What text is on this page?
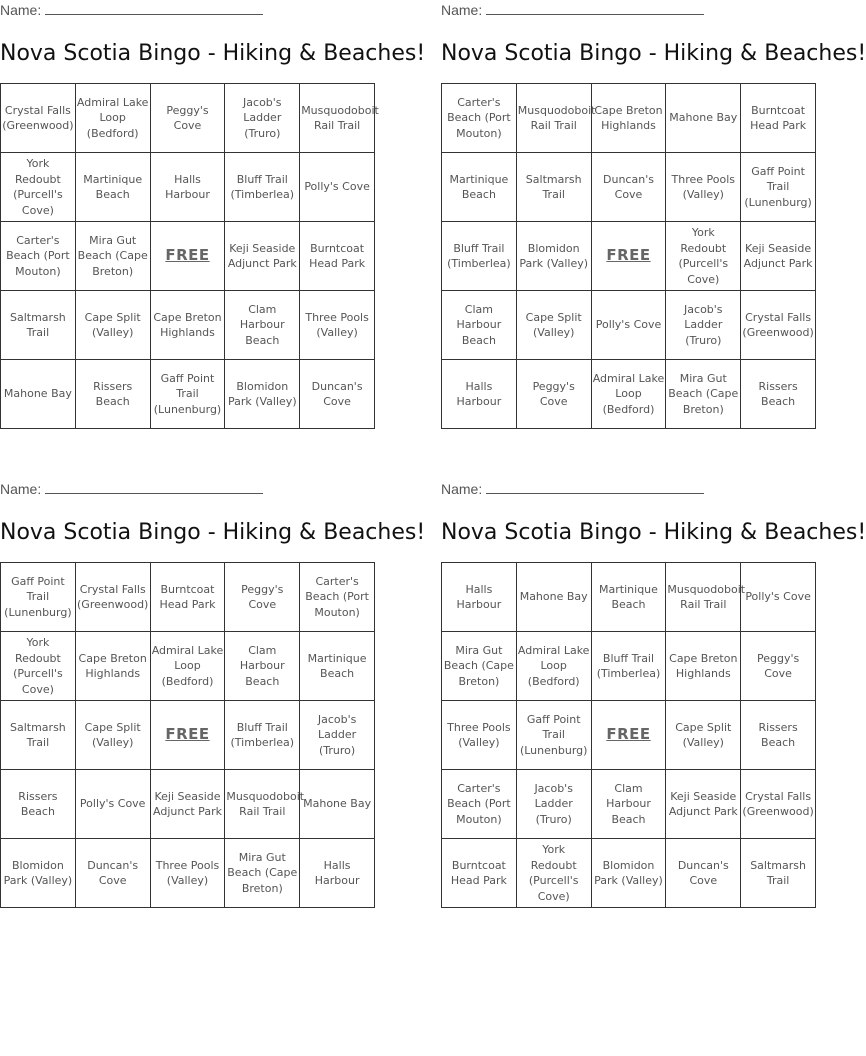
Name:
Nova Scotia Bingo - Hiking & Beaches!
Crystal Falls (Greenwood)	Admiral Lake Loop (Bedford)	Peggy's Cove	Jacob's Ladder (Truro)	Musquodoboit Rail Trail
York Redoubt (Purcell's Cove)	Martinique Beach	Halls Harbour	Bluff Trail (Timberlea)	Polly's Cove
Carter's Beach (Port Mouton)	Mira Gut Beach (Cape Breton)	FREE	Keji Seaside Adjunct Park	Burntcoat Head Park
Saltmarsh Trail	Cape Split (Valley)	Cape Breton Highlands	Clam Harbour Beach	Three Pools (Valley)
Mahone Bay	Rissers Beach	Gaff Point Trail (Lunenburg)	Blomidon Park (Valley)	Duncan's Cove
Name:
Nova Scotia Bingo - Hiking & Beaches!
Carter's Beach (Port Mouton)	Musquodoboit Rail Trail	Cape Breton Highlands	Mahone Bay	Burntcoat Head Park
Martinique Beach	Saltmarsh Trail	Duncan's Cove	Three Pools (Valley)	Gaff Point Trail (Lunenburg)
Bluff Trail (Timberlea)	Blomidon Park (Valley)	FREE	York Redoubt (Purcell's Cove)	Keji Seaside Adjunct Park
Clam Harbour Beach	Cape Split (Valley)	Polly's Cove	Jacob's Ladder (Truro)	Crystal Falls (Greenwood)
Halls Harbour	Peggy's Cove	Admiral Lake Loop (Bedford)	Mira Gut Beach (Cape Breton)	Rissers Beach
Name:
Nova Scotia Bingo - Hiking & Beaches!
Gaff Point Trail (Lunenburg)	Crystal Falls (Greenwood)	Burntcoat Head Park	Peggy's Cove	Carter's Beach (Port Mouton)
York Redoubt (Purcell's Cove)	Cape Breton Highlands	Admiral Lake Loop (Bedford)	Clam Harbour Beach	Martinique Beach
Saltmarsh Trail	Cape Split (Valley)	FREE	Bluff Trail (Timberlea)	Jacob's Ladder (Truro)
Rissers Beach	Polly's Cove	Keji Seaside Adjunct Park	Musquodoboit Rail Trail	Mahone Bay
Blomidon Park (Valley)	Duncan's Cove	Three Pools (Valley)	Mira Gut Beach (Cape Breton)	Halls Harbour
Name:
Nova Scotia Bingo - Hiking & Beaches!
Halls Harbour	Mahone Bay	Martinique Beach	Musquodoboit Rail Trail	Polly's Cove
Mira Gut Beach (Cape Breton)	Admiral Lake Loop (Bedford)	Bluff Trail (Timberlea)	Cape Breton Highlands	Peggy's Cove
Three Pools (Valley)	Gaff Point Trail (Lunenburg)	FREE	Cape Split (Valley)	Rissers Beach
Carter's Beach (Port Mouton)	Jacob's Ladder (Truro)	Clam Harbour Beach	Keji Seaside Adjunct Park	Crystal Falls (Greenwood)
Burntcoat Head Park	York Redoubt (Purcell's Cove)	Blomidon Park (Valley)	Duncan's Cove	Saltmarsh Trail
